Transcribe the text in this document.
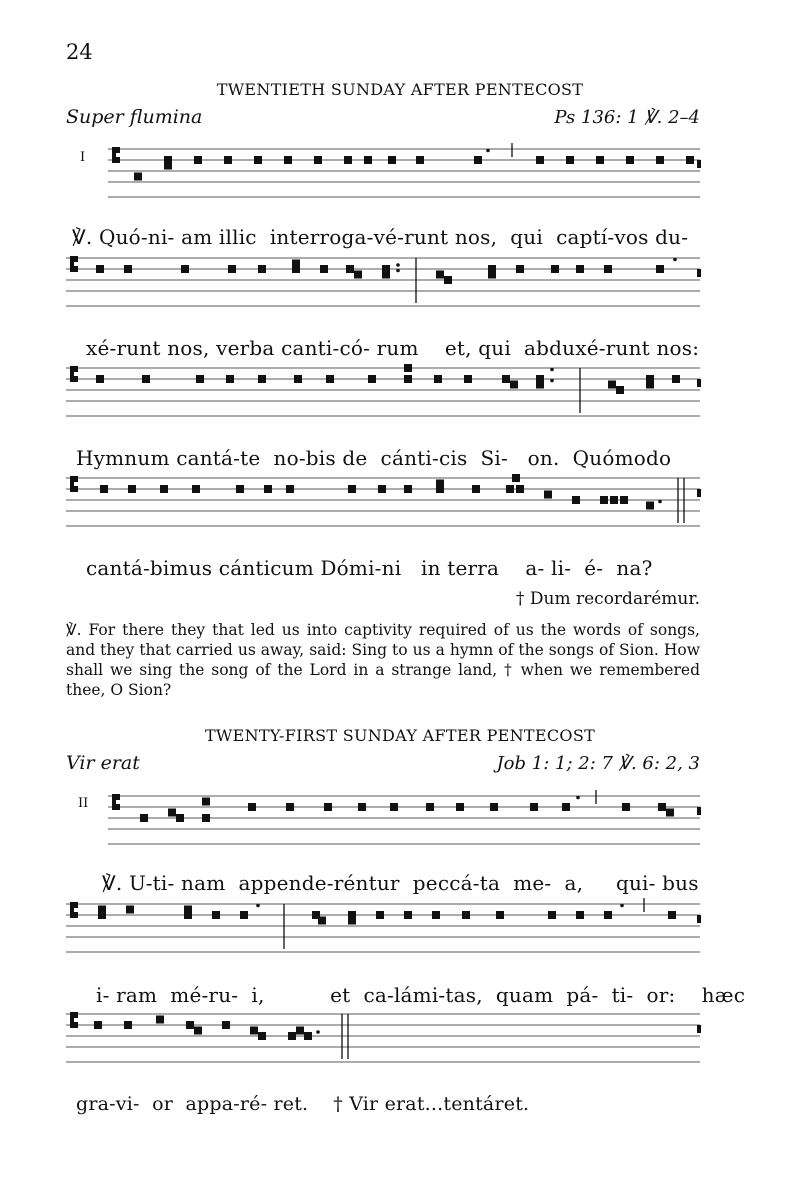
24
TWENTIETH SUNDAY AFTER PENTECOST
Super flumina	Ps 136: 1 ℣. 2–4
I
℣. Quó-ni- am illic  interroga-vé-runt nos,  qui  captí-vos du-
xé-runt nos, verba canti-có- rum    et, qui  abduxé-runt nos:
Hymnum cantá-te  no-bis de  cánti-cis  Si-   on.  Quómodo
cantá-bimus cánticum Dómi-ni   in terra    a- li-  é-  na?
† Dum recordarémur.
℣. For there they that led us into captivity required of us the words of songs, and they that carried us away, said: Sing to us a hymn of the songs of Sion. How shall we sing the song of the Lord in a strange land, † when we remembered thee, O Sion?
TWENTY-FIRST SUNDAY AFTER PENTECOST
Vir erat	Job 1: 1; 2: 7 ℣. 6: 2, 3
II
℣. U-ti- nam  appende-réntur  peccá-ta  me-  a,     qui- bus
i- ram  mé-ru-  i,          et  ca-lámi-tas,  quam  pá-  ti-  or:    hæc
gra-vi-  or  appa-ré- ret.    † Vir erat...tentáret.
